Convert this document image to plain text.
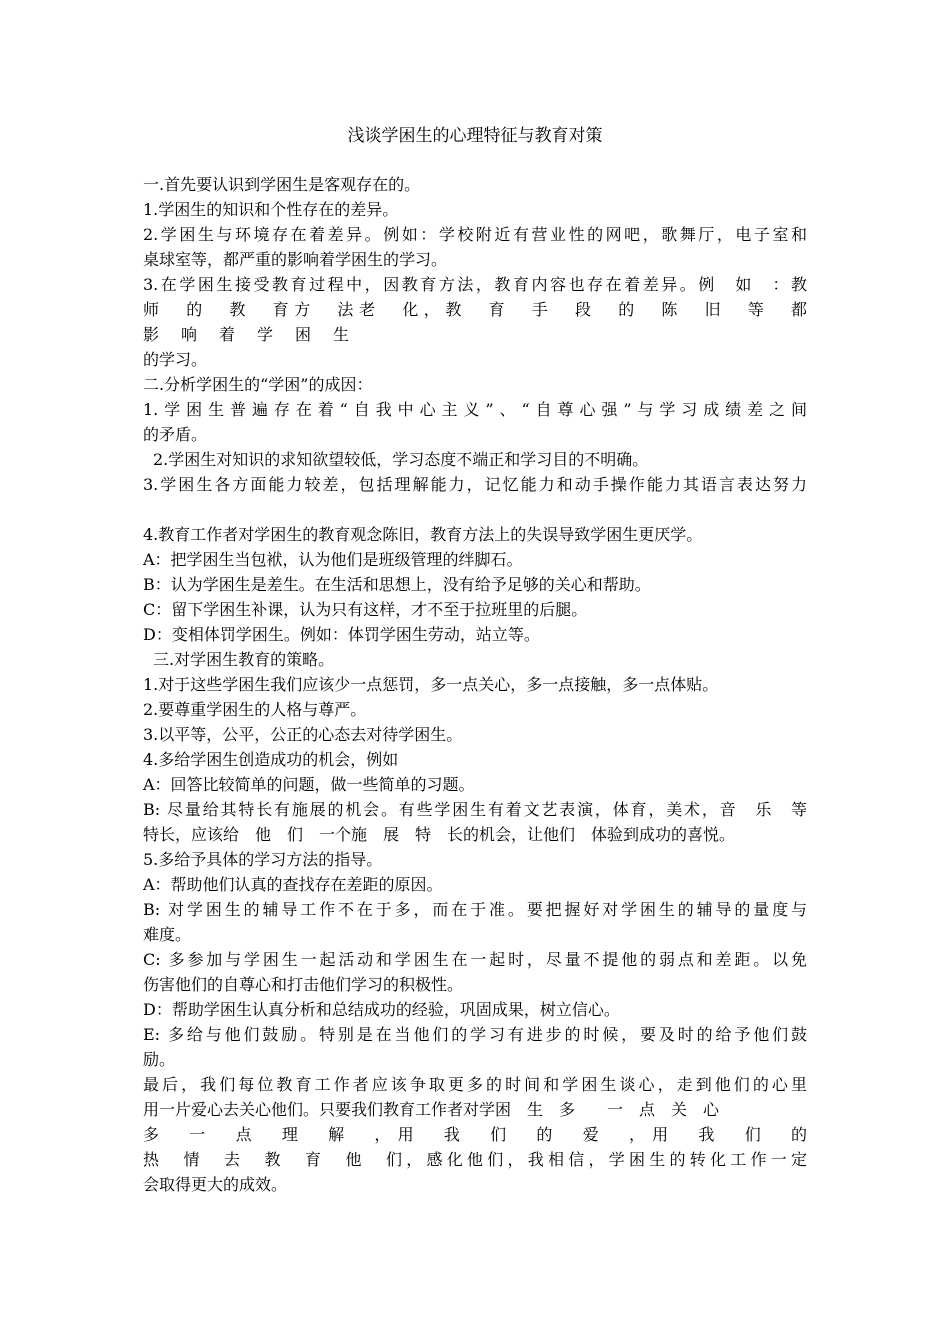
浅谈学困生的心理特征与教育对策

一.首先要认识到学困生是客观存在的。

1.学困生的知识和个性存在的差异。

2.学困生与环境存在着差异。例如：学校附近有营业性的网吧，歌舞厅，电子室和

桌球室等，都严重的影响着学困生的学习。

3.在学困生接受教育过程中，因教育方法，教育内容也存在着差异。例　如　：教

师　的　教　育方　法老　化，教　育　手　段　的　陈　旧　等　都

影　响　着　学　困　生

的学习。

二.分析学困生的“学困”的成因：

1.学困生普遍存在着“自我中心主义”、“自尊心强”与学习成绩差之间

的矛盾。

2.学困生对知识的求知欲望较低，学习态度不端正和学习目的不明确。

3.学困生各方面能力较差，包括理解能力，记忆能力和动手操作能力其语言表达努力

4.教育工作者对学困生的教育观念陈旧，教育方法上的失误导致学困生更厌学。

A：把学困生当包袱，认为他们是班级管理的绊脚石。

B：认为学困生是差生。在生活和思想上，没有给予足够的关心和帮助。

C：留下学困生补课，认为只有这样，才不至于拉班里的后腿。

D：变相体罚学困生。例如：体罚学困生劳动，站立等。

三.对学困生教育的策略。

1.对于这些学困生我们应该少一点惩罚，多一点关心，多一点接触，多一点体贴。

2.要尊重学困生的人格与尊严。

3.以平等，公平，公正的心态去对待学困生。

4.多给学困生创造成功的机会，例如

A：回答比较简单的问题，做一些简单的习题。

B: 尽量给其特长有施展的机会。有些学困生有着文艺表演，体育，美术，音　乐　等

特长，应该给　他　们　一个施　展　特　长的机会，让他们　体验到成功的喜悦。

5.多给予具体的学习方法的指导。

A：帮助他们认真的查找存在差距的原因。

B: 对学困生的辅导工作不在于多，而在于准。要把握好对学困生的辅导的量度与

难度。

C: 多参加与学困生一起活动和学困生在一起时，尽量不提他的弱点和差距。以免

伤害他们的自尊心和打击他们学习的积极性。

D：帮助学困生认真分析和总结成功的经验，巩固成果，树立信心。

E: 多给与他们鼓励。特别是在当他们的学习有进步的时候，要及时的给予他们鼓

励。

最后，我们每位教育工作者应该争取更多的时间和学困生谈心，走到他们的心里

用一片爱心去关心他们。只要我们教育工作者对学困　生　多　　一　点　关　心

多　一　点　理　解　，用　我　们　的　爱　，用　我　们　的

热　情　去　教　育　他　们，感化他们，我相信，学困生的转化工作一定

会取得更大的成效。
